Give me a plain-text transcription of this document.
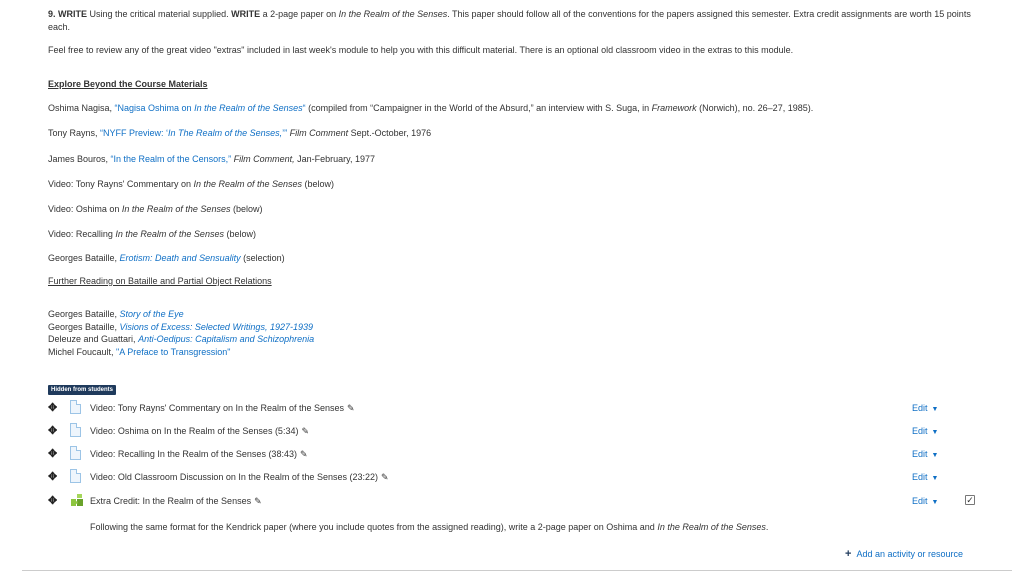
9. WRITE Using the critical material supplied. WRITE a 2-page paper on In the Realm of the Senses. This paper should follow all of the conventions for the papers assigned this semester. Extra credit assignments are worth 15 points each.

Feel free to review any of the great video "extras" included in last week's module to help you with this difficult material. There is an optional old classroom video in the extras to this module.

Explore Beyond the Course Materials
Oshima Nagisa, “Nagisa Oshima on In the Realm of the Senses“ (compiled from “Campaigner in the World of the Absurd,” an interview with S. Suga, in Framework (Norwich), no. 26–27, 1985).
Tony Rayns, “NYFF Preview: ‘In The Realm of the Senses,’” Film Comment Sept.-October, 1976
James Bouros, “In the Realm of the Censors,” Film Comment, Jan-February, 1977
Video: Tony Rayns' Commentary on In the Realm of the Senses (below)
Video: Oshima on In the Realm of the Senses (below)
Video: Recalling In the Realm of the Senses (below)
Georges Bataille, Erotism: Death and Sensuality (selection)
Further Reading on Bataille and Partial Object Relations
Georges Bataille, Story of the Eye
Georges Bataille, Visions of Excess: Selected Writings, 1927-1939
Deleuze and Guattari, Anti-Oedipus: Capitalism and Schizophrenia
Michel Foucault, "A Preface to Transgression"
Hidden from students
✥	Video: Tony Rayns' Commentary on In the Realm of the Senses ✎	Edit ▼
✥	Video: Oshima on In the Realm of the Senses (5:34) ✎	Edit ▼
✥	Video: Recalling In the Realm of the Senses (38:43) ✎	Edit ▼
✥	Video: Old Classroom Discussion on In the Realm of the Senses (23:22) ✎	Edit ▼
✥	Extra Credit: In the Realm of the Senses ✎	Edit ▼	✓
Following the same format for the Kendrick paper (where you include quotes from the assigned reading), write a 2-page paper on Oshima and In the Realm of the Senses.
+ Add an activity or resource
